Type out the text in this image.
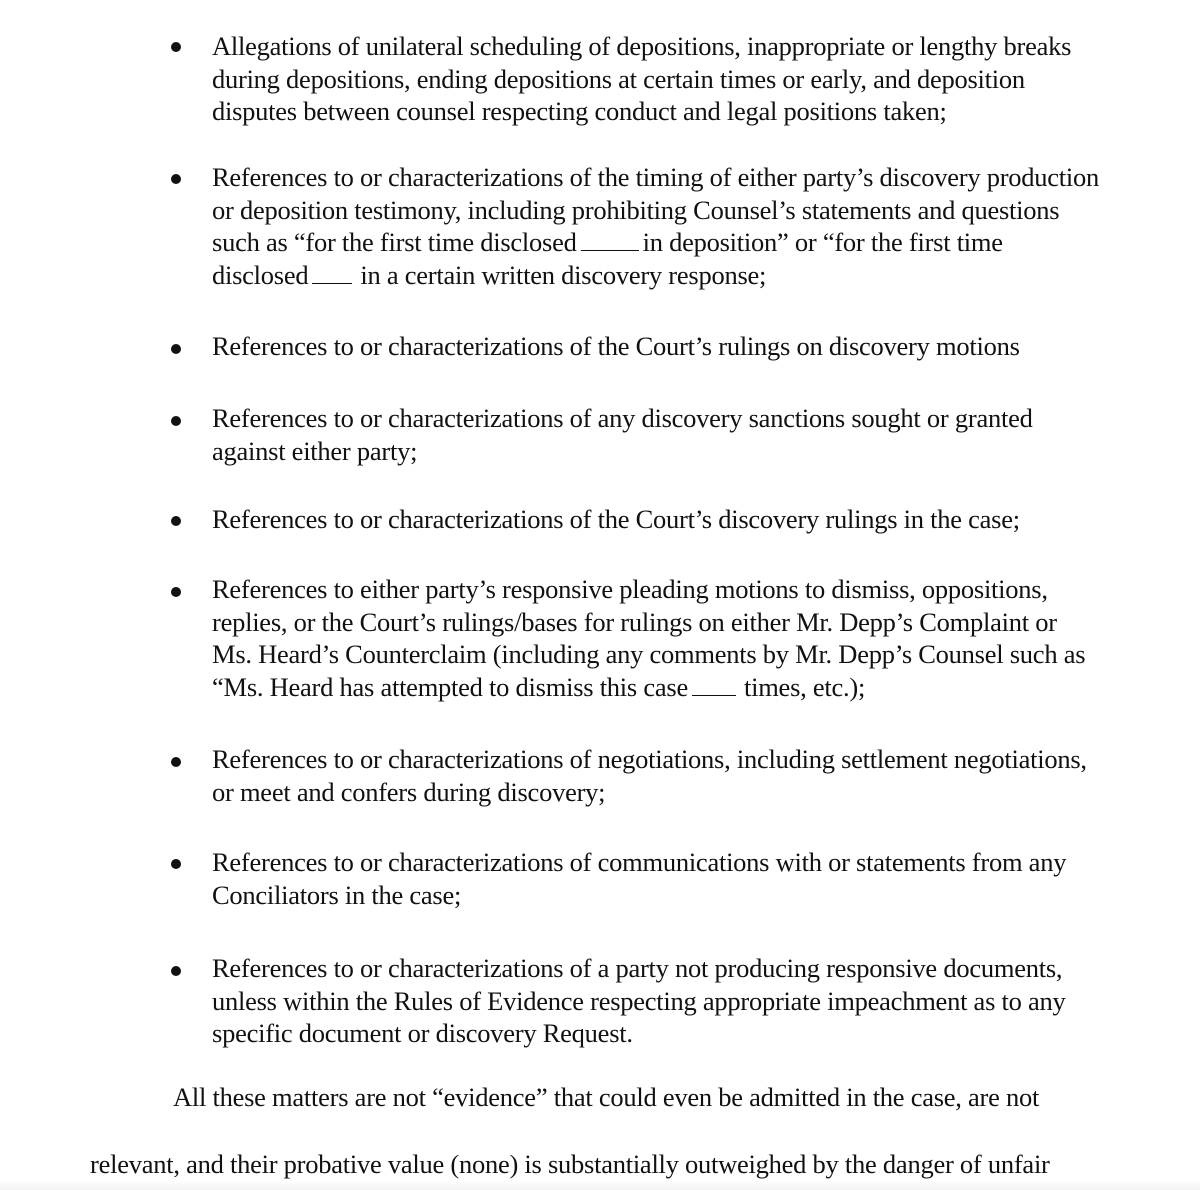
Allegations of unilateral scheduling of depositions, inappropriate or lengthy breaks
during depositions, ending depositions at certain times or early, and deposition
disputes between counsel respecting conduct and legal positions taken;
References to or characterizations of the timing of either party’s discovery production
or deposition testimony, including prohibiting Counsel’s statements and questions
such as “for the first time disclosed in deposition” or “for the first time
disclosed in a certain written discovery response;
References to or characterizations of the Court’s rulings on discovery motions
References to or characterizations of any discovery sanctions sought or granted
against either party;
References to or characterizations of the Court’s discovery rulings in the case;
References to either party’s responsive pleading motions to dismiss, oppositions,
replies, or the Court’s rulings/bases for rulings on either Mr. Depp’s Complaint or
Ms. Heard’s Counterclaim (including any comments by Mr. Depp’s Counsel such as
“Ms. Heard has attempted to dismiss this case times, etc.);
References to or characterizations of negotiations, including settlement negotiations,
or meet and confers during discovery;
References to or characterizations of communications with or statements from any
Conciliators in the case;
References to or characterizations of a party not producing responsive documents,
unless within the Rules of Evidence respecting appropriate impeachment as to any
specific document or discovery Request.
All these matters are not “evidence” that could even be admitted in the case, are not
relevant, and their probative value (none) is substantially outweighed by the danger of unfair
